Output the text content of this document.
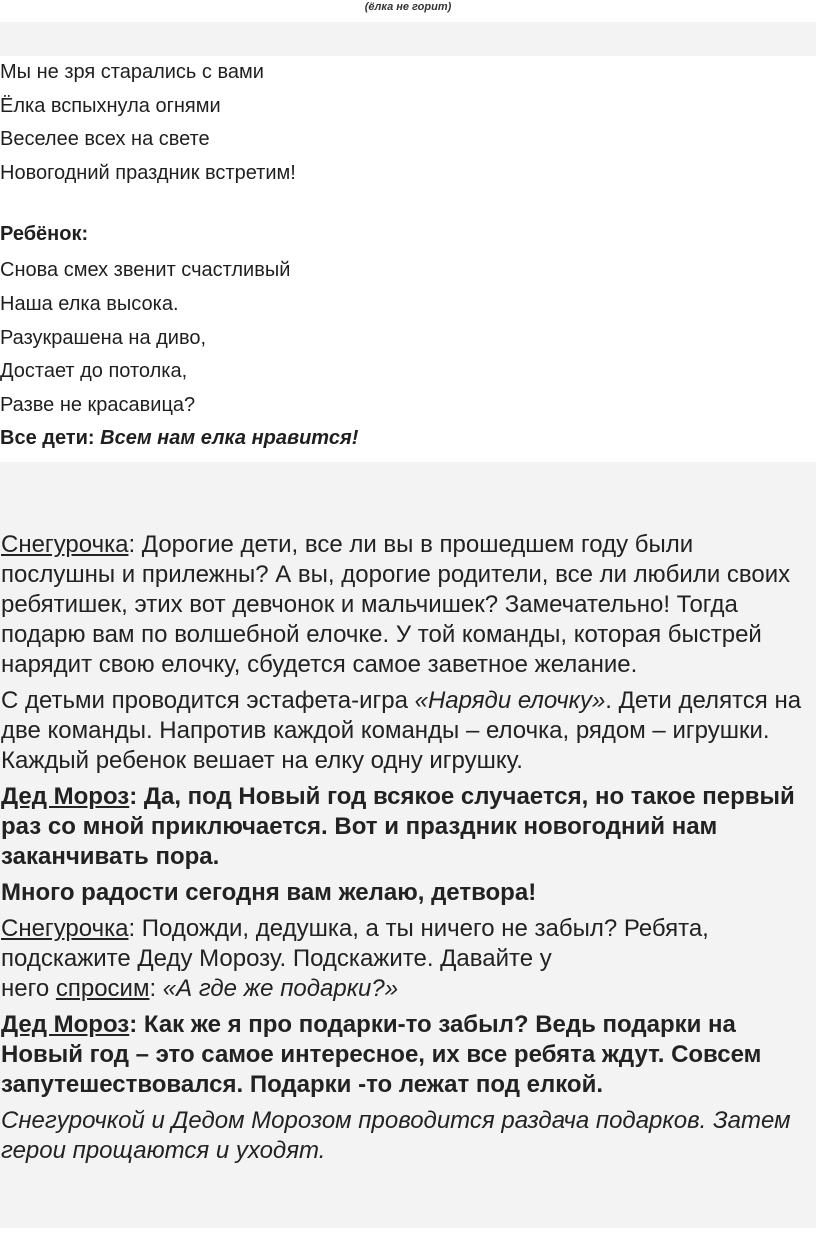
(ёлка не горит)

Мы не зря старались с вами

Ёлка вспыхнула огнями

Веселее всех на свете

Новогодний праздник встретим!

Ребёнок:

Снова смех звенит счастливый

Наша елка высока.

Разукрашена на диво,

Достает до потолка,

Разве не красавица?

Все дети: Всем нам елка нравится!

Снегурочка: Дорогие дети, все ли вы в прошедшем году были послушны и прилежны? А вы, дорогие родители, все ли любили своих ребятишек, этих вот девчонок и мальчишек? Замечательно! Тогда подарю вам по волшебной елочке. У той команды, которая быстрей нарядит свою елочку, сбудется самое заветное желание.

С детьми проводится эстафета-игра «Наряди елочку». Дети делятся на две команды. Напротив каждой команды – елочка, рядом – игрушки. Каждый ребенок вешает на елку одну игрушку.

Дед Мороз: Да, под Новый год всякое случается, но такое первый раз со мной приключается. Вот и праздник новогодний нам заканчивать пора.

Много радости сегодня вам желаю, детвора!

Снегурочка: Подожди, дедушка, а ты ничего не забыл? Ребята, подскажите Деду Морозу. Подскажите. Давайте у
него спросим: «А где же подарки?»

Дед Мороз: Как же я про подарки-то забыл? Ведь подарки на Новый год – это самое интересное, их все ребята ждут. Совсем запутешествовался. Подарки -то лежат под елкой.

Снегурочкой и Дедом Морозом проводится раздача подарков. Затем герои прощаются и уходят.
